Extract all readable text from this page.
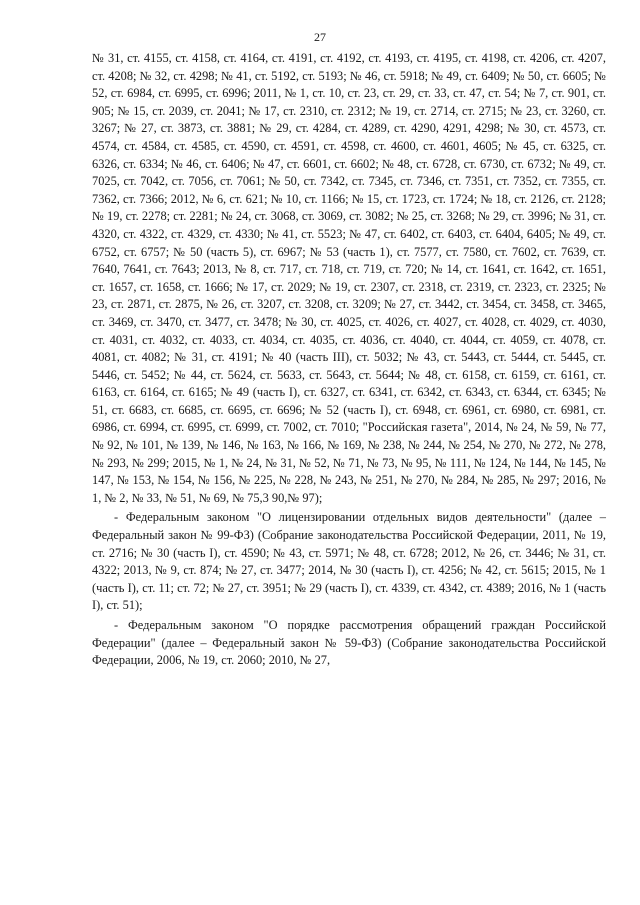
27

№ 31, ст. 4155, ст. 4158, ст. 4164, ст. 4191, ст. 4192, ст. 4193, ст. 4195, ст. 4198, ст. 4206, ст. 4207, ст. 4208; № 32, ст. 4298; № 41, ст. 5192, ст. 5193; № 46, ст. 5918; № 49, ст. 6409; № 50, ст. 6605; № 52, ст. 6984, ст. 6995, ст. 6996; 2011, № 1, ст. 10, ст. 23, ст. 29, ст. 33, ст. 47, ст. 54; № 7, ст. 901, ст. 905; № 15, ст. 2039, ст. 2041; № 17, ст. 2310, ст. 2312; № 19, ст. 2714, ст. 2715; № 23, ст. 3260, ст. 3267; № 27, ст. 3873, ст. 3881; № 29, ст. 4284, ст. 4289, ст. 4290, 4291, 4298; № 30, ст. 4573, ст. 4574, ст. 4584, ст. 4585, ст. 4590, ст. 4591, ст. 4598, ст. 4600, ст. 4601, 4605; № 45, ст. 6325, ст. 6326, ст. 6334; № 46, ст. 6406; № 47, ст. 6601, ст. 6602; № 48, ст. 6728, ст. 6730, ст. 6732; № 49, ст. 7025, ст. 7042, ст. 7056, ст. 7061; № 50, ст. 7342, ст. 7345, ст. 7346, ст. 7351, ст. 7352, ст. 7355, ст. 7362, ст. 7366; 2012, № 6, ст. 621; № 10, ст. 1166; № 15, ст. 1723, ст. 1724; № 18, ст. 2126, ст. 2128; № 19, ст. 2278; ст. 2281; № 24, ст. 3068, ст. 3069, ст. 3082; № 25, ст. 3268; № 29, ст. 3996; № 31, ст. 4320, ст. 4322, ст. 4329, ст. 4330; № 41, ст. 5523; № 47, ст. 6402, ст. 6403, ст. 6404, 6405; № 49, ст. 6752, ст. 6757; № 50 (часть 5), ст. 6967; № 53 (часть 1), ст. 7577, ст. 7580, ст. 7602, ст. 7639, ст. 7640, 7641, ст. 7643; 2013, № 8, ст. 717, ст. 718, ст. 719, ст. 720; № 14, ст. 1641, ст. 1642, ст. 1651, ст. 1657, ст. 1658, ст. 1666; № 17, ст. 2029; № 19, ст. 2307, ст. 2318, ст. 2319, ст. 2323, ст. 2325; № 23, ст. 2871, ст. 2875, № 26, ст. 3207, ст. 3208, ст. 3209; № 27, ст. 3442, ст. 3454, ст. 3458, ст. 3465, ст. 3469, ст. 3470, ст. 3477, ст. 3478; № 30, ст. 4025, ст. 4026, ст. 4027, ст. 4028, ст. 4029, ст. 4030, ст. 4031, ст. 4032, ст. 4033, ст. 4034, ст. 4035, ст. 4036, ст. 4040, ст. 4044, ст. 4059, ст. 4078, ст. 4081, ст. 4082; № 31, ст. 4191; № 40 (часть III), ст. 5032; № 43, ст. 5443, ст. 5444, ст. 5445, ст. 5446, ст. 5452; № 44, ст. 5624, ст. 5633, ст. 5643, ст. 5644; № 48, ст. 6158, ст. 6159, ст. 6161, ст. 6163, ст. 6164, ст. 6165; № 49 (часть I), ст. 6327, ст. 6341, ст. 6342, ст. 6343, ст. 6344, ст. 6345; № 51, ст. 6683, ст. 6685, ст. 6695, ст. 6696; № 52 (часть I), ст. 6948, ст. 6961, ст. 6980, ст. 6981, ст. 6986, ст. 6994, ст. 6995, ст. 6999, ст. 7002, ст. 7010; "Российская газета", 2014, № 24, № 59, № 77, № 92, № 101, № 139, № 146, № 163, № 166, № 169, № 238, № 244, № 254, № 270, № 272, № 278, № 293, № 299; 2015, № 1, № 24, № 31, № 52, № 71, № 73, № 95, № 111, № 124, № 144, № 145, № 147, № 153, № 154, № 156, № 225, № 228, № 243, № 251, № 270, № 284, № 285, № 297; 2016, № 1, № 2, № 33, № 51, № 69, № 75,3 90,№ 97);

- Федеральным законом "О лицензировании отдельных видов деятельности" (далее – Федеральный закон № 99-ФЗ) (Собрание законодательства Российской Федерации, 2011, № 19, ст. 2716; № 30 (часть I), ст. 4590; № 43, ст. 5971; № 48, ст. 6728; 2012, № 26, ст. 3446; № 31, ст. 4322; 2013, № 9, ст. 874; № 27, ст. 3477; 2014, № 30 (часть I), ст. 4256; № 42, ст. 5615; 2015, № 1 (часть I), ст. 11; ст. 72; № 27, ст. 3951; № 29 (часть I), ст. 4339, ст. 4342, ст. 4389; 2016, № 1 (часть I), ст. 51);

- Федеральным законом "О порядке рассмотрения обращений граждан Российской Федерации" (далее – Федеральный закон № 59-ФЗ) (Собрание законодательства Российской Федерации, 2006, № 19, ст. 2060; 2010, № 27,
